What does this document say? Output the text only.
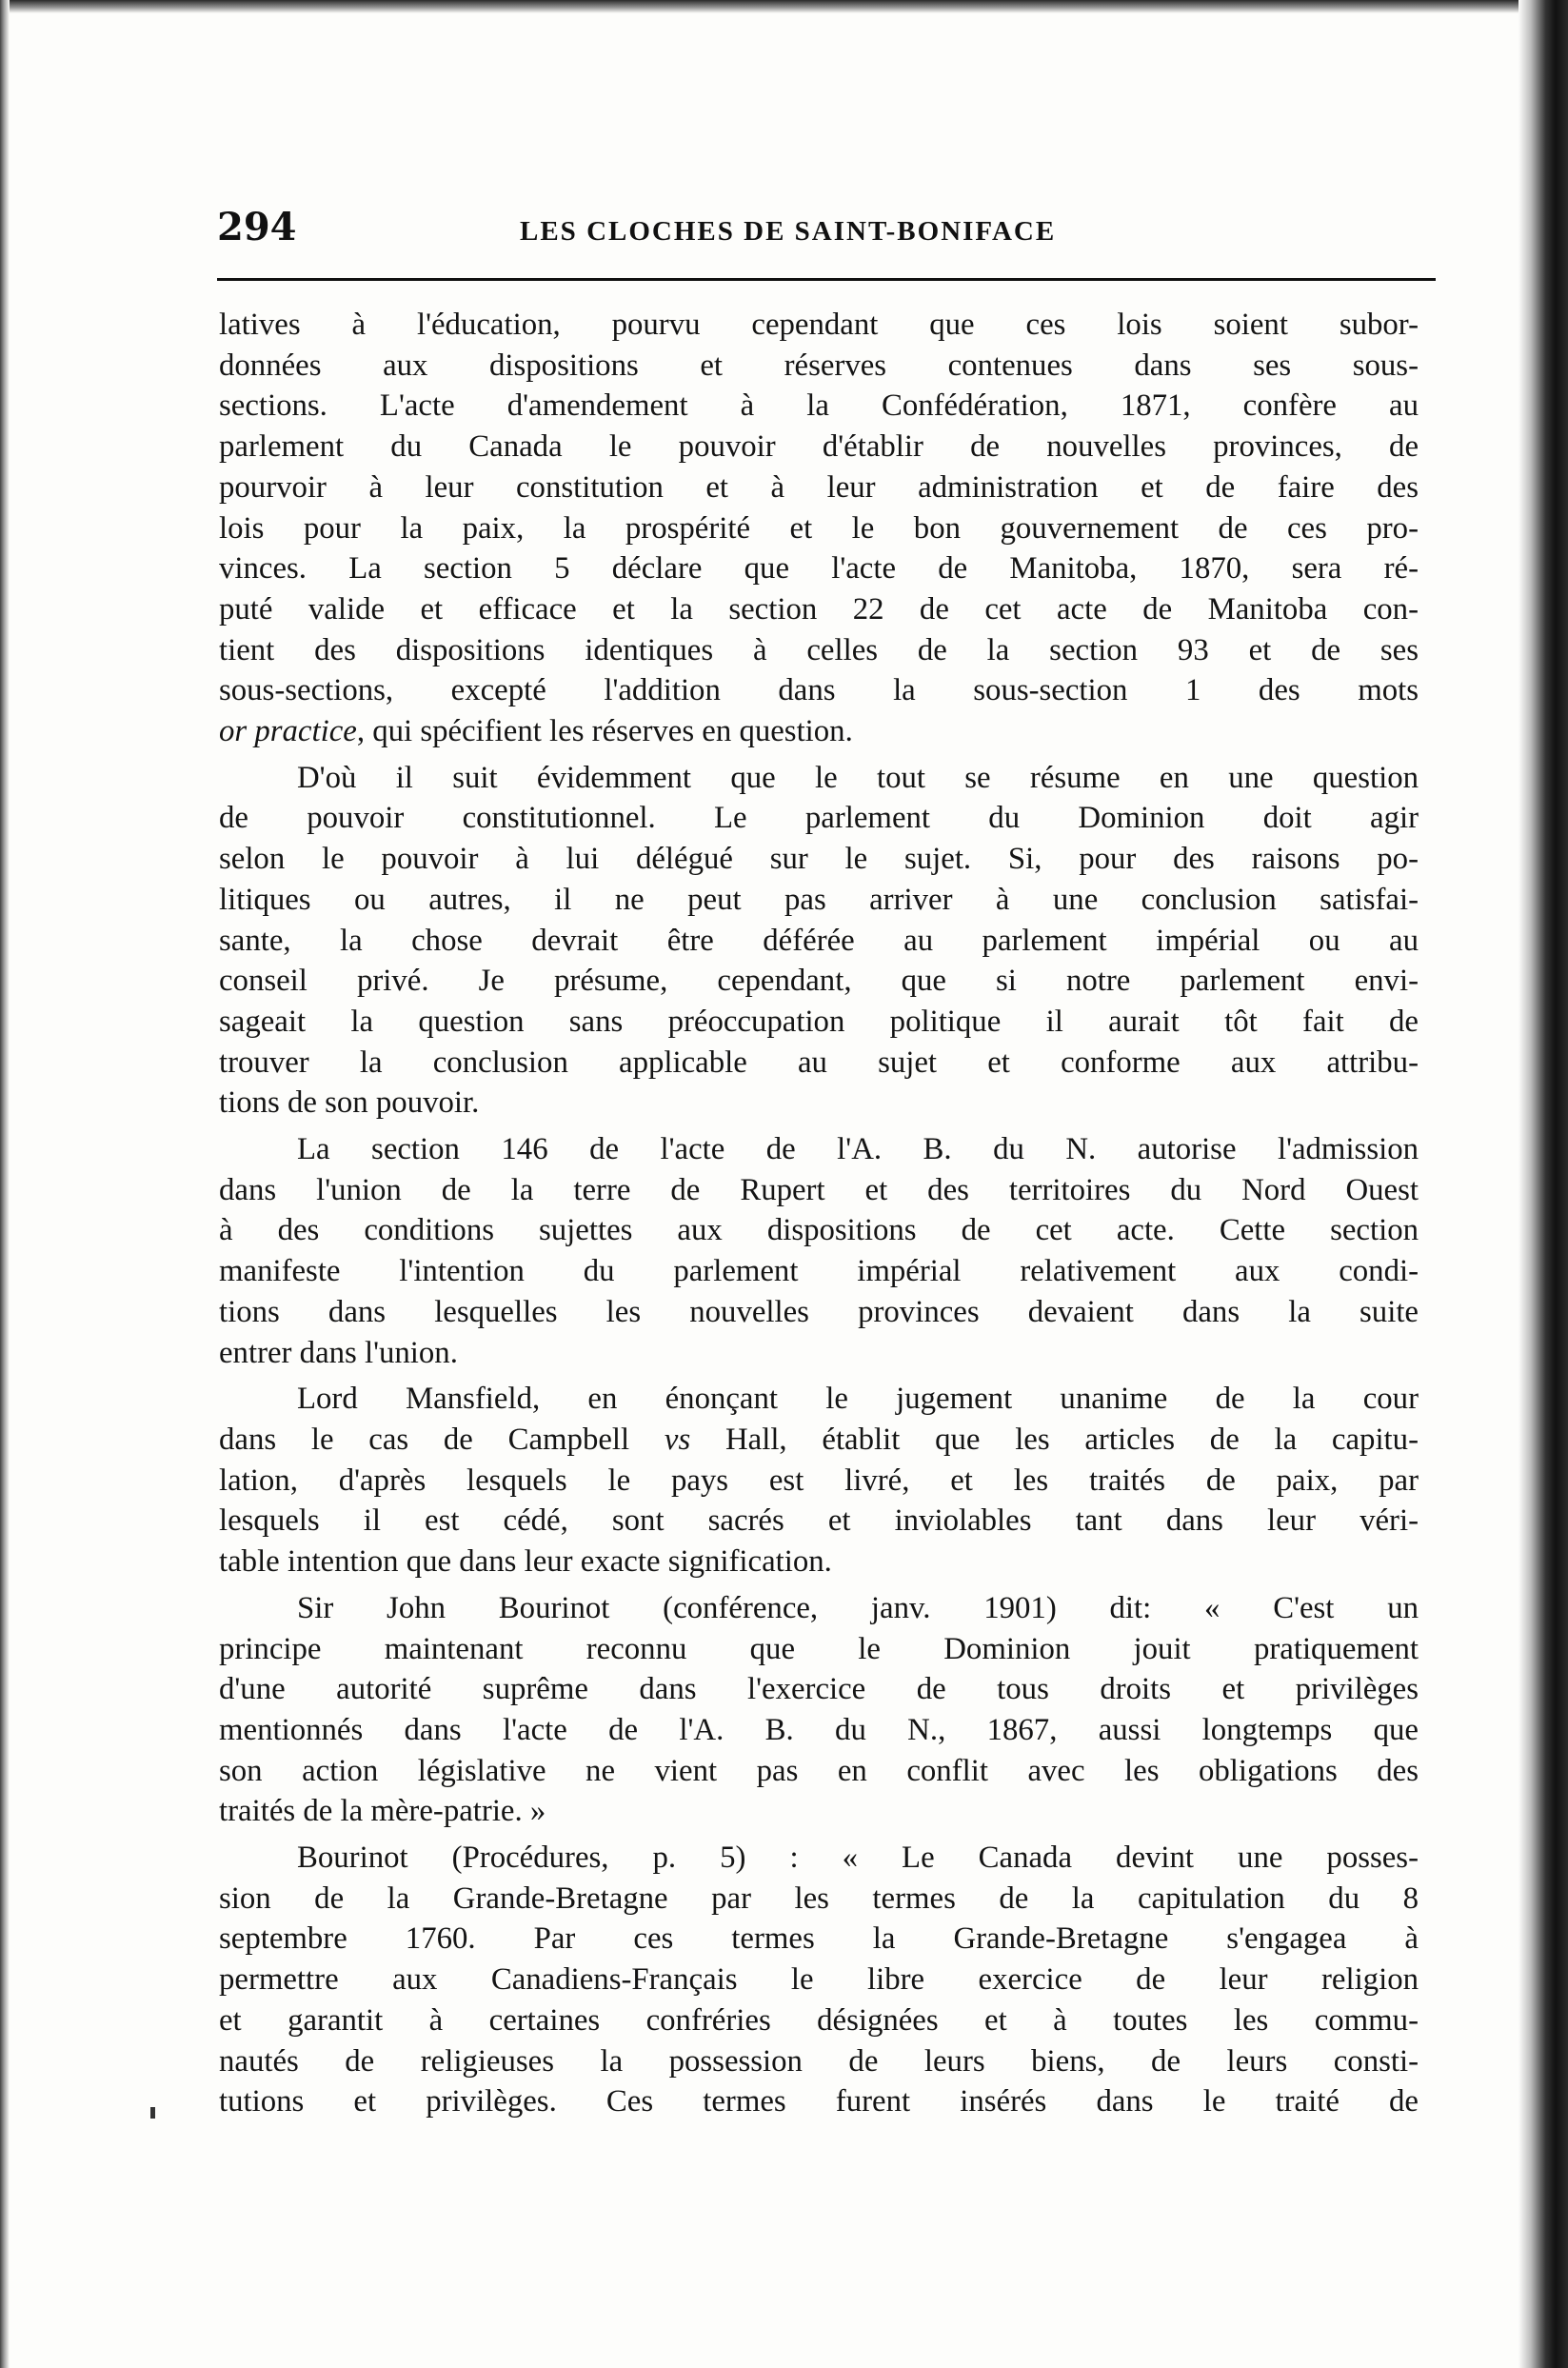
294	LES CLOCHES DE SAINT-BONIFACE

latives à l'éducation, pourvu cependant que ces lois soient subor-
données aux dispositions et réserves contenues dans ses sous-
sections. L'acte d'amendement à la Confédération, 1871, confère au
parlement du Canada le pouvoir d'établir de nouvelles provinces, de
pourvoir à leur constitution et à leur administration et de faire des
lois pour la paix, la prospérité et le bon gouvernement de ces pro-
vinces. La section 5 déclare que l'acte de Manitoba, 1870, sera ré-
puté valide et efficace et la section 22 de cet acte de Manitoba con-
tient des dispositions identiques à celles de la section 93 et de ses
sous-sections, excepté l'addition dans la sous-section 1 des mots
or practice, qui spécifient les réserves en question.

D'où il suit évidemment que le tout se résume en une question
de pouvoir constitutionnel. Le parlement du Dominion doit agir
selon le pouvoir à lui délégué sur le sujet. Si, pour des raisons po-
litiques ou autres, il ne peut pas arriver à une conclusion satisfai-
sante, la chose devrait être déférée au parlement impérial ou au
conseil privé. Je présume, cependant, que si notre parlement envi-
sageait la question sans préoccupation politique il aurait tôt fait de
trouver la conclusion applicable au sujet et conforme aux attribu-
tions de son pouvoir.

La section 146 de l'acte de l'A. B. du N. autorise l'admission
dans l'union de la terre de Rupert et des territoires du Nord Ouest
à des conditions sujettes aux dispositions de cet acte. Cette section
manifeste l'intention du parlement impérial relativement aux condi-
tions dans lesquelles les nouvelles provinces devaient dans la suite
entrer dans l'union.

Lord Mansfield, en énonçant le jugement unanime de la cour
dans le cas de Campbell vs Hall, établit que les articles de la capitu-
lation, d'après lesquels le pays est livré, et les traités de paix, par
lesquels il est cédé, sont sacrés et inviolables tant dans leur véri-
table intention que dans leur exacte signification.

Sir John Bourinot (conférence, janv. 1901) dit: « C'est un
principe maintenant reconnu que le Dominion jouit pratiquement
d'une autorité suprême dans l'exercice de tous droits et privilèges
mentionnés dans l'acte de l'A. B. du N., 1867, aussi longtemps que
son action législative ne vient pas en conflit avec les obligations des
traités de la mère-patrie. »

Bourinot (Procédures, p. 5) : « Le Canada devint une posses-
sion de la Grande-Bretagne par les termes de la capitulation du 8
septembre 1760. Par ces termes la Grande-Bretagne s'engagea à
permettre aux Canadiens-Français le libre exercice de leur religion
et garantit à certaines confréries désignées et à toutes les commu-
nautés de religieuses la possession de leurs biens, de leurs consti-
tutions et privilèges. Ces termes furent insérés dans le traité de
